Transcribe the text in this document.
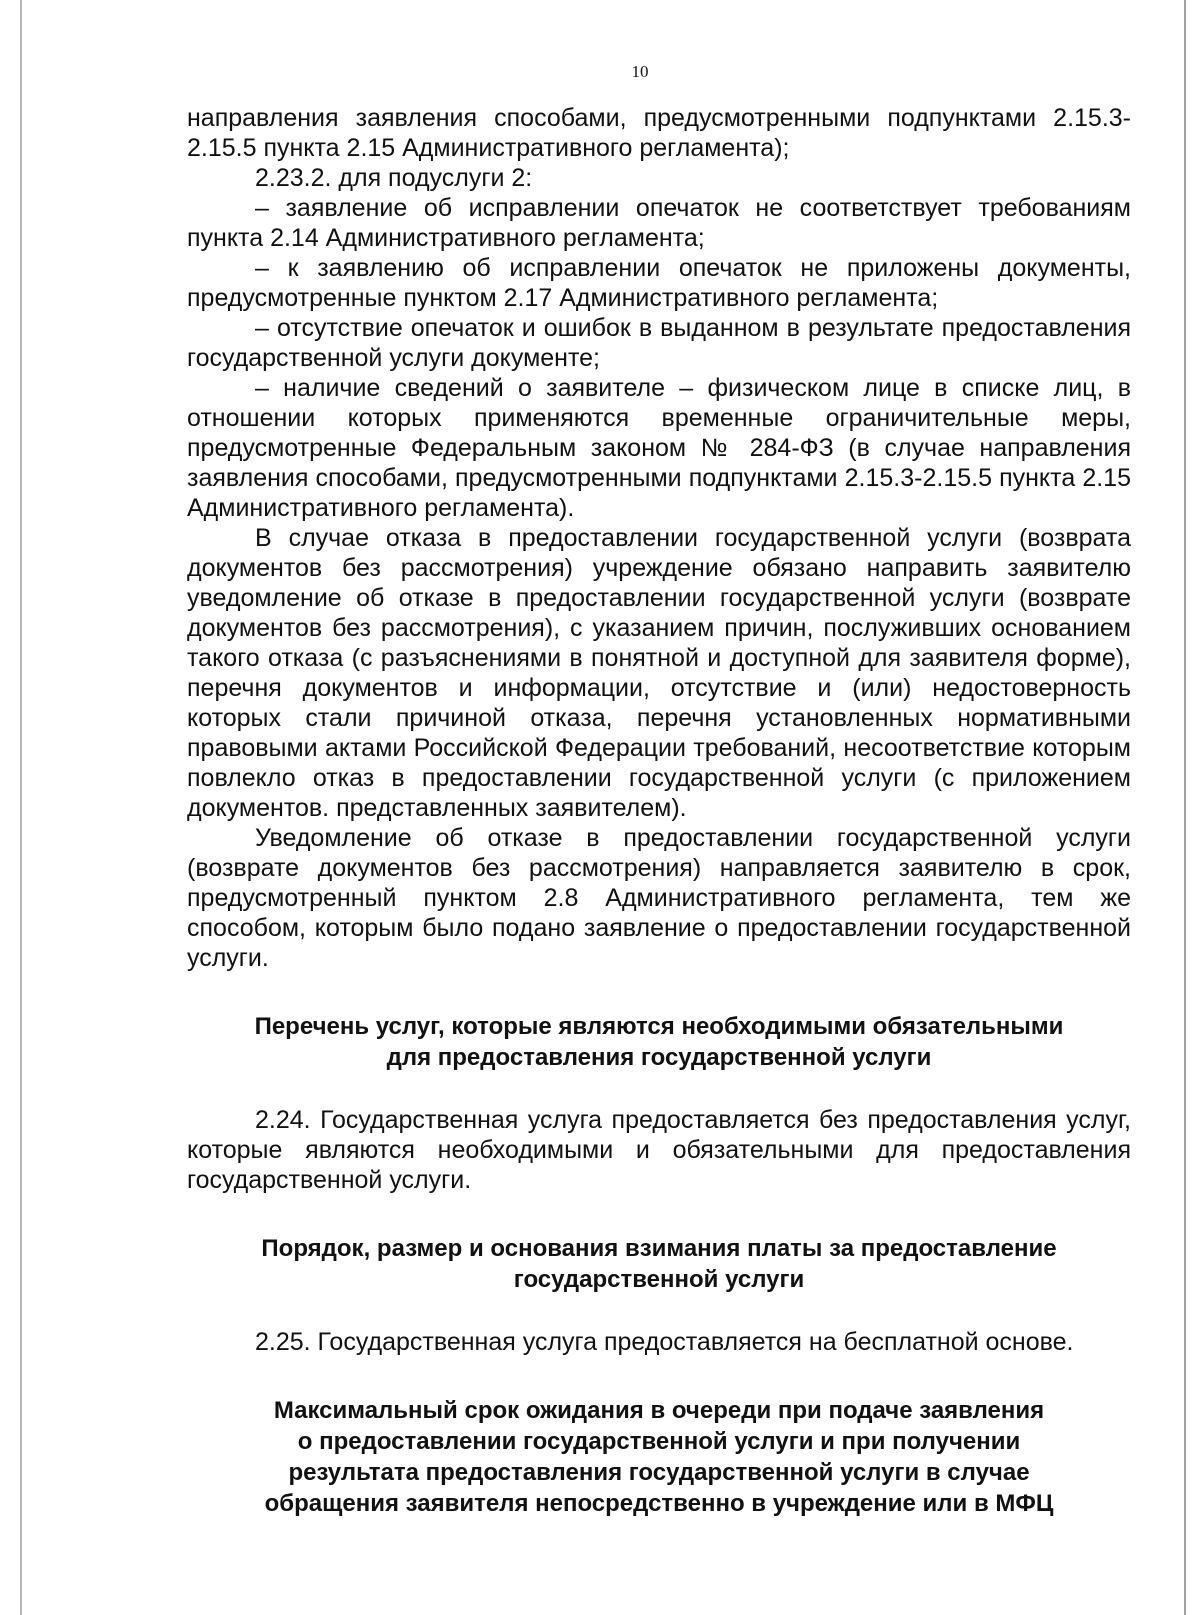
10

направления заявления способами, предусмотренными подпунктами 2.15.3-2.15.5 пункта 2.15 Административного регламента);

2.23.2. для подуслуги 2:

– заявление об исправлении опечаток не соответствует требованиям пункта 2.14 Административного регламента;

– к заявлению об исправлении опечаток не приложены документы, предусмотренные пунктом 2.17 Административного регламента;

– отсутствие опечаток и ошибок в выданном в результате предоставления государственной услуги документе;

– наличие сведений о заявителе – физическом лице в списке лиц, в отношении которых применяются временные ограничительные меры, предусмотренные Федеральным законом № 284-ФЗ (в случае направления заявления способами, предусмотренными подпунктами 2.15.3-2.15.5 пункта 2.15 Административного регламента).

В случае отказа в предоставлении государственной услуги (возврата документов без рассмотрения) учреждение обязано направить заявителю уведомление об отказе в предоставлении государственной услуги (возврате документов без рассмотрения), с указанием причин, послуживших основанием такого отказа (с разъяснениями в понятной и доступной для заявителя форме), перечня документов и информации, отсутствие и (или) недостоверность которых стали причиной отказа, перечня установленных нормативными правовыми актами Российской Федерации требований, несоответствие которым повлекло отказ в предоставлении государственной услуги (с приложением документов. представленных заявителем).

Уведомление об отказе в предоставлении государственной услуги (возврате документов без рассмотрения) направляется заявителю в срок, предусмотренный пунктом 2.8 Административного регламента, тем же способом, которым было подано заявление о предоставлении государственной услуги.

Перечень услуг, которые являются необходимыми обязательными
для предоставления государственной услуги

2.24. Государственная услуга предоставляется без предоставления услуг, которые являются необходимыми и обязательными для предоставления государственной услуги.

Порядок, размер и основания взимания платы за предоставление
государственной услуги

2.25. Государственная услуга предоставляется на бесплатной основе.

Максимальный срок ожидания в очереди при подаче заявления
о предоставлении государственной услуги и при получении
результата предоставления государственной услуги в случае
обращения заявителя непосредственно в учреждение или в МФЦ
